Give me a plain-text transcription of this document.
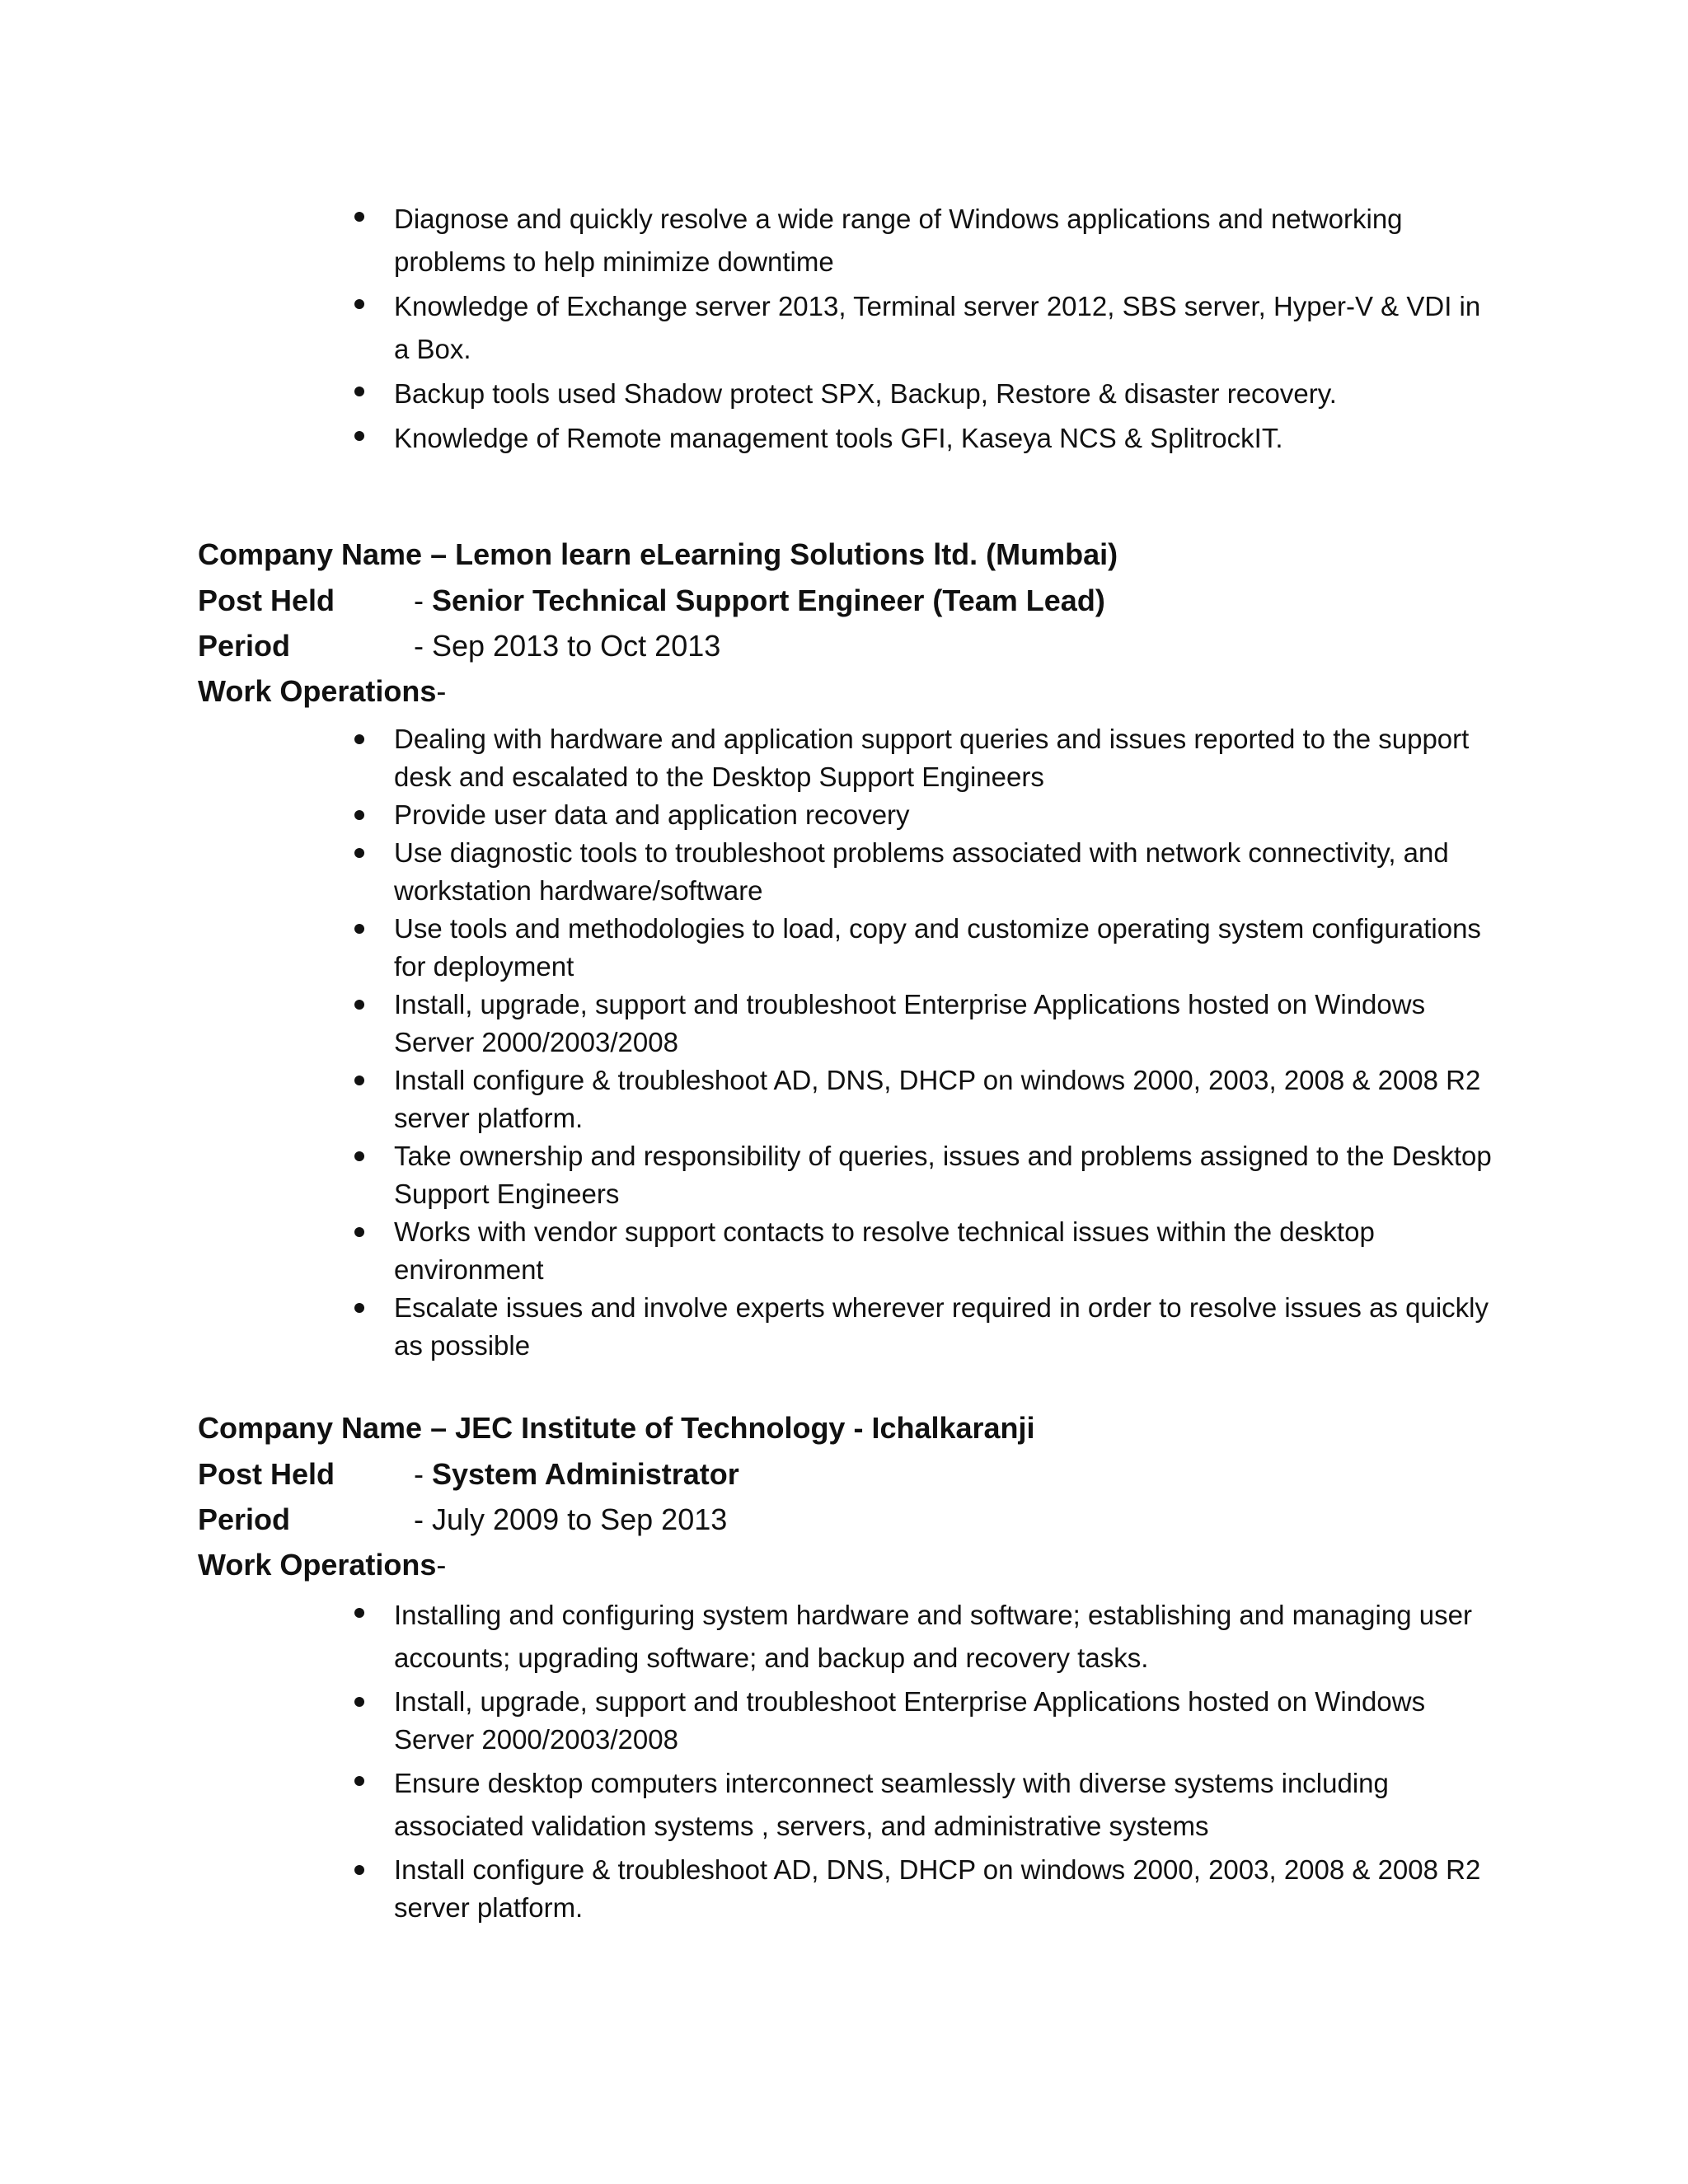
Diagnose and quickly resolve a wide range of Windows applications and networking problems to help minimize downtime
Knowledge of Exchange server 2013, Terminal server 2012, SBS server, Hyper-V & VDI in a Box.
Backup tools used Shadow protect SPX, Backup, Restore & disaster recovery.
Knowledge of Remote management tools GFI, Kaseya NCS & SplitrockIT.
Company Name – Lemon learn eLearning Solutions ltd. (Mumbai)
Post Held	- Senior Technical Support Engineer (Team Lead)
Period	- Sep 2013 to Oct 2013
Work Operations-
Dealing with hardware and application support queries and issues reported to the support desk and escalated to the Desktop Support Engineers
Provide user data and application recovery
Use diagnostic tools to troubleshoot problems associated with network connectivity, and workstation hardware/software
Use tools and methodologies to load, copy and customize operating system configurations for deployment
Install, upgrade, support and troubleshoot Enterprise Applications hosted on Windows Server 2000/2003/2008
Install configure & troubleshoot AD, DNS, DHCP on windows 2000, 2003, 2008 & 2008 R2 server platform.
Take ownership and responsibility of queries, issues and problems assigned to the Desktop Support Engineers
Works with vendor support contacts to resolve technical issues within the desktop environment
Escalate issues and involve experts wherever required in order to resolve issues as quickly as possible
Company Name – JEC Institute of Technology - Ichalkaranji
Post Held	- System Administrator
Period	- July 2009 to Sep 2013
Work Operations-
Installing and configuring system hardware and software; establishing and managing user accounts; upgrading software; and backup and recovery tasks.
Install, upgrade, support and troubleshoot Enterprise Applications hosted on Windows Server 2000/2003/2008
Ensure desktop computers interconnect seamlessly with diverse systems including associated validation systems , servers, and administrative systems
Install configure & troubleshoot AD, DNS, DHCP on windows 2000, 2003, 2008 & 2008 R2 server platform.
